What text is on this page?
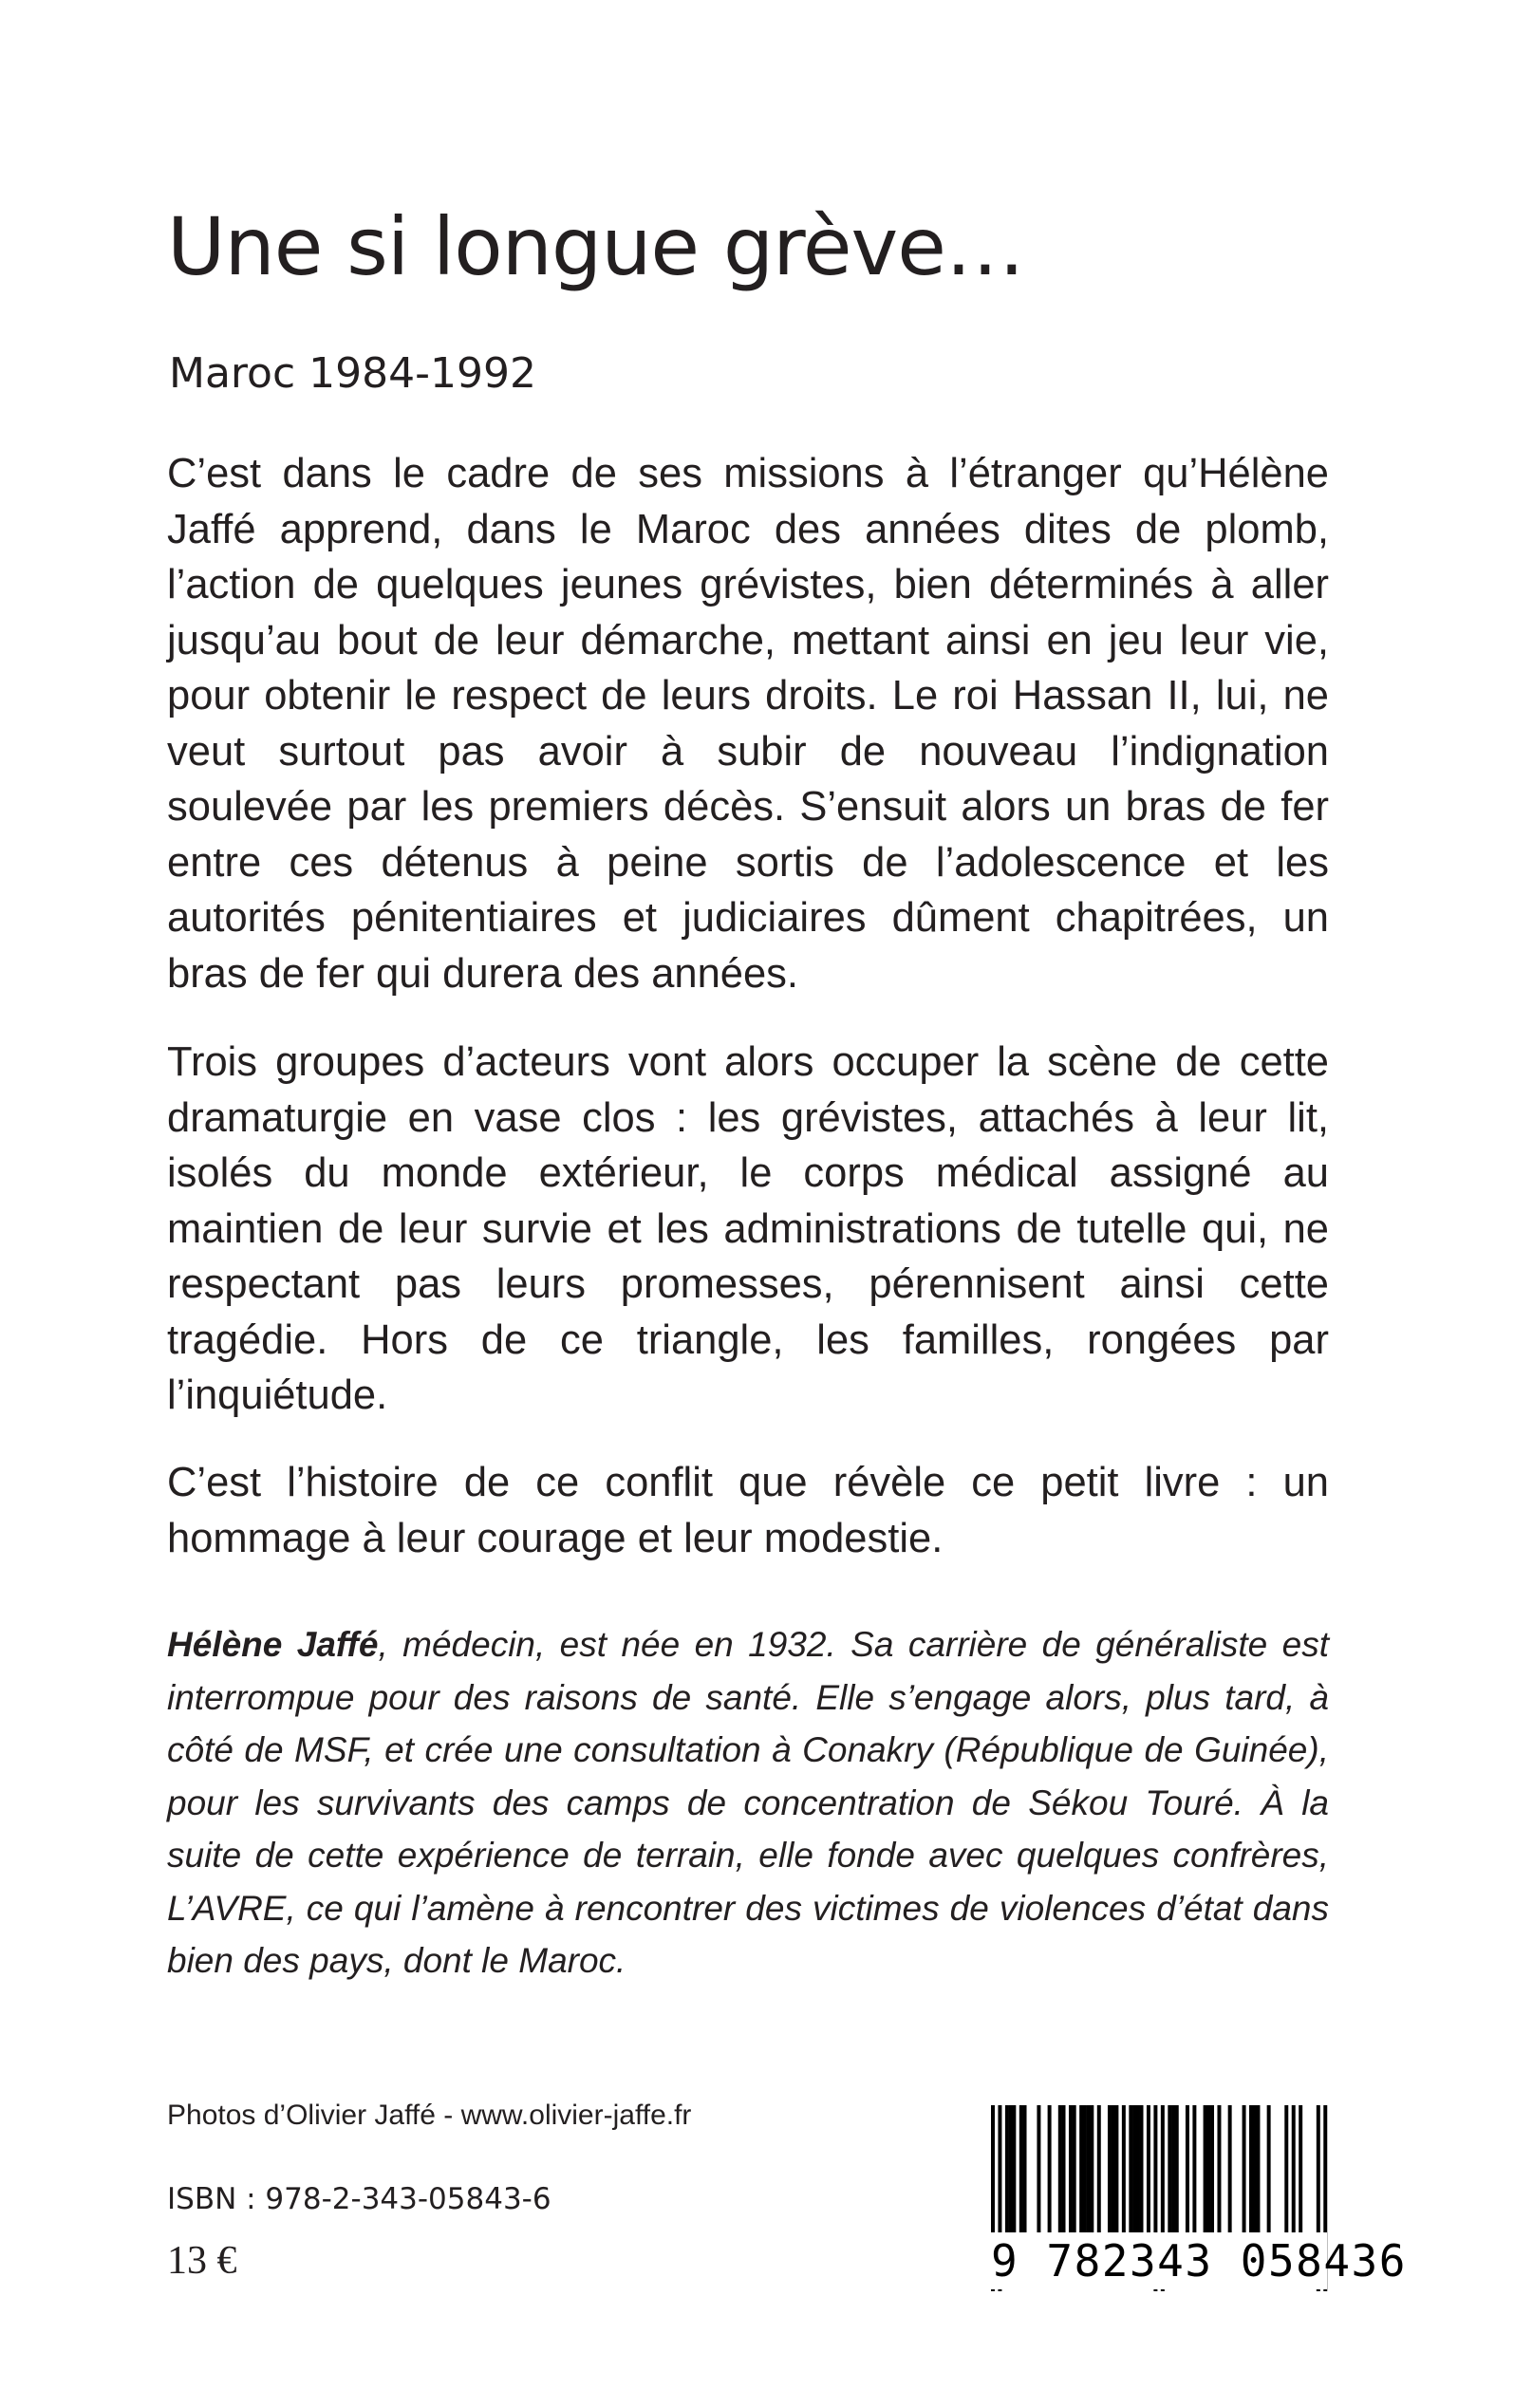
Une si longue grève…
Maroc 1984-1992

C’est dans le cadre de ses missions à l’étranger qu’Hélène Jaffé apprend, dans le Maroc des années dites de plomb, l’action de quelques jeunes grévistes, bien déterminés à aller jusqu’au bout de leur démarche, mettant ainsi en jeu leur vie, pour obtenir le respect de leurs droits. Le roi Hassan II, lui, ne veut surtout pas avoir à subir de nouveau l’indignation soulevée par les premiers décès. S’ensuit alors un bras de fer entre ces détenus à peine sortis de l’adolescence et les autorités pénitentiaires et judiciaires dûment chapitrées, un bras de fer qui durera des années.

Trois groupes d’acteurs vont alors occuper la scène de cette dramaturgie en vase clos : les grévistes, attachés à leur lit, isolés du monde extérieur, le corps médical assigné au maintien de leur survie et les administrations de tutelle qui, ne respectant pas leurs promesses, pérennisent ainsi cette tragédie. Hors de ce triangle, les familles, rongées par l’inquiétude.

C’est l’histoire de ce conflit que révèle ce petit livre : un hommage à leur courage et leur modestie.

Hélène Jaffé, médecin, est née en 1932. Sa carrière de généraliste est interrompue pour des raisons de santé. Elle s’engage alors, plus tard, à côté de MSF, et crée une consultation à Conakry (République de Guinée), pour les survivants des camps de concentration de Sékou Touré. À la suite de cette expérience de terrain, elle fonde avec quelques confrères, L’AVRE, ce qui l’amène à rencontrer des victimes de violences d’état dans bien des pays, dont le Maroc.

Photos d’Olivier Jaffé - www.olivier-jaffe.fr
ISBN : 978-2-343-05843-6
13 €	9 782343 058436
